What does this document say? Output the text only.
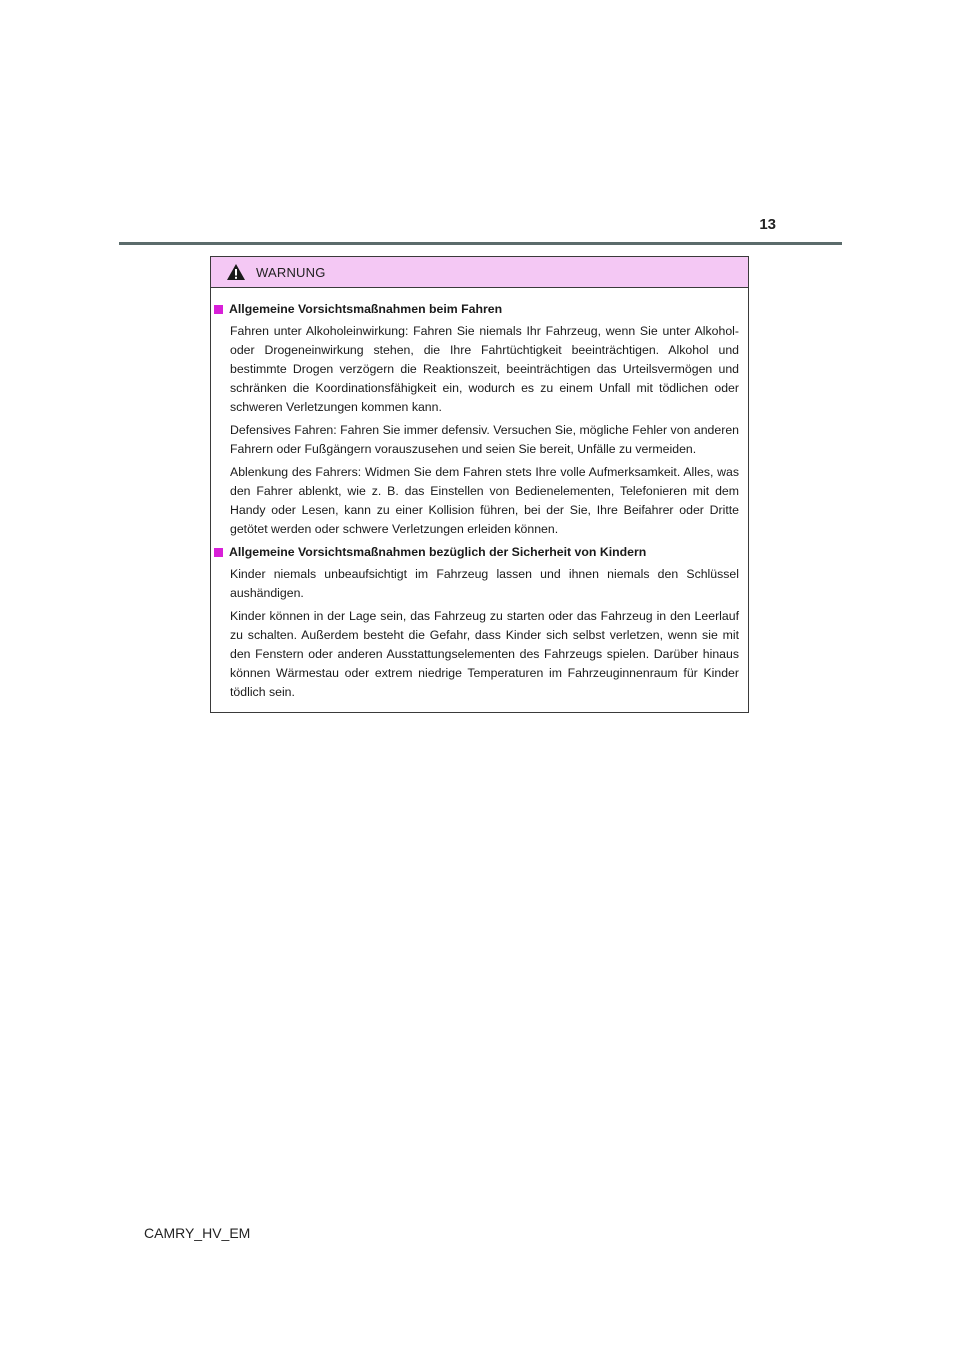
13
WARNUNG
Allgemeine Vorsichtsmaßnahmen beim Fahren

Fahren unter Alkoholeinwirkung: Fahren Sie niemals Ihr Fahrzeug, wenn Sie unter Alkohol- oder Drogeneinwirkung stehen, die Ihre Fahrtüchtigkeit beeinträchtigen. Alkohol und bestimmte Drogen verzögern die Reaktionszeit, beeinträchtigen das Urteilsvermögen und schränken die Koordinationsfähigkeit ein, wodurch es zu einem Unfall mit tödlichen oder schweren Verletzungen kommen kann.

Defensives Fahren: Fahren Sie immer defensiv. Versuchen Sie, mögliche Fehler von anderen Fahrern oder Fußgängern vorauszusehen und seien Sie bereit, Unfälle zu vermeiden.

Ablenkung des Fahrers: Widmen Sie dem Fahren stets Ihre volle Aufmerksamkeit. Alles, was den Fahrer ablenkt, wie z. B. das Einstellen von Bedienelementen, Telefonieren mit dem Handy oder Lesen, kann zu einer Kollision führen, bei der Sie, Ihre Beifahrer oder Dritte getötet werden oder schwere Verletzungen erleiden können.

Allgemeine Vorsichtsmaßnahmen bezüglich der Sicherheit von Kindern

Kinder niemals unbeaufsichtigt im Fahrzeug lassen und ihnen niemals den Schlüssel aushändigen.

Kinder können in der Lage sein, das Fahrzeug zu starten oder das Fahrzeug in den Leerlauf zu schalten. Außerdem besteht die Gefahr, dass Kinder sich selbst verletzen, wenn sie mit den Fenstern oder anderen Ausstattungselementen des Fahrzeugs spielen. Darüber hinaus können Wärmestau oder extrem niedrige Temperaturen im Fahrzeuginnenraum für Kinder tödlich sein.

CAMRY_HV_EM
